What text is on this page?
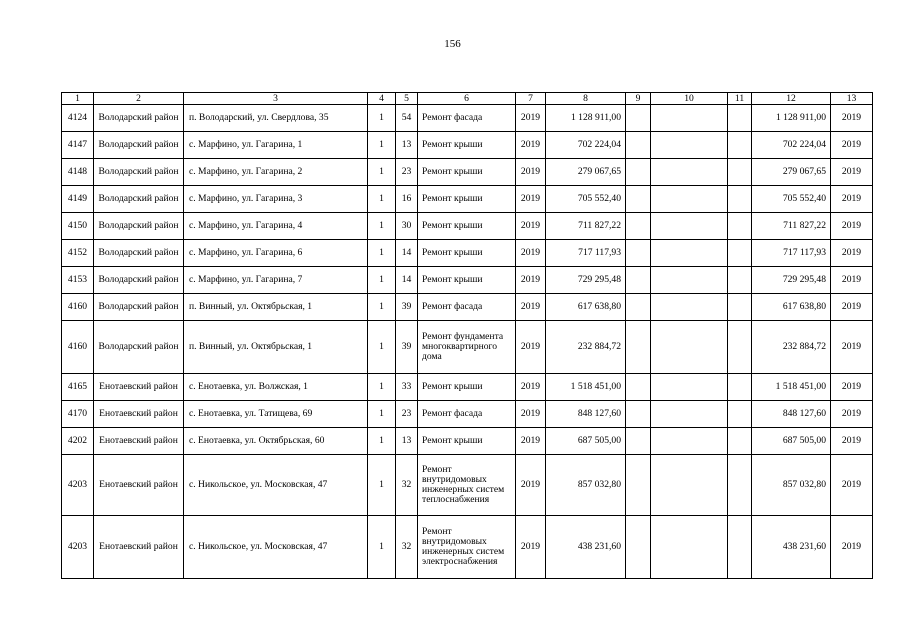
156
1	2	3	4	5	6	7	8	9	10	11	12	13
4124	Володарский район	п. Володарский, ул. Свердлова, 35	1	54	Ремонт фасада	2019	1 128 911,00				1 128 911,00	2019
4147	Володарский район	с. Марфино, ул. Гагарина, 1	1	13	Ремонт крыши	2019	702 224,04				702 224,04	2019
4148	Володарский район	с. Марфино, ул. Гагарина, 2	1	23	Ремонт крыши	2019	279 067,65				279 067,65	2019
4149	Володарский район	с. Марфино, ул. Гагарина, 3	1	16	Ремонт крыши	2019	705 552,40				705 552,40	2019
4150	Володарский район	с. Марфино, ул. Гагарина, 4	1	30	Ремонт крыши	2019	711 827,22				711 827,22	2019
4152	Володарский район	с. Марфино, ул. Гагарина, 6	1	14	Ремонт крыши	2019	717 117,93				717 117,93	2019
4153	Володарский район	с. Марфино, ул. Гагарина, 7	1	14	Ремонт крыши	2019	729 295,48				729 295,48	2019
4160	Володарский район	п. Винный, ул. Октябрьская, 1	1	39	Ремонт фасада	2019	617 638,80				617 638,80	2019
4160	Володарский район	п. Винный, ул. Октябрьская, 1	1	39	Ремонт фундамента многоквартирного дома	2019	232 884,72				232 884,72	2019
4165	Енотаевский район	с. Енотаевка, ул. Волжская, 1	1	33	Ремонт крыши	2019	1 518 451,00				1 518 451,00	2019
4170	Енотаевский район	с. Енотаевка, ул. Татищева, 69	1	23	Ремонт фасада	2019	848 127,60				848 127,60	2019
4202	Енотаевский район	с. Енотаевка, ул. Октябрьская, 60	1	13	Ремонт крыши	2019	687 505,00				687 505,00	2019
4203	Енотаевский район	с. Никольское, ул. Московская, 47	1	32	Ремонт внутридомовых инженерных систем теплоснабжения	2019	857 032,80				857 032,80	2019
4203	Енотаевский район	с. Никольское, ул. Московская, 47	1	32	Ремонт внутридомовых инженерных систем электроснабжения	2019	438 231,60				438 231,60	2019
